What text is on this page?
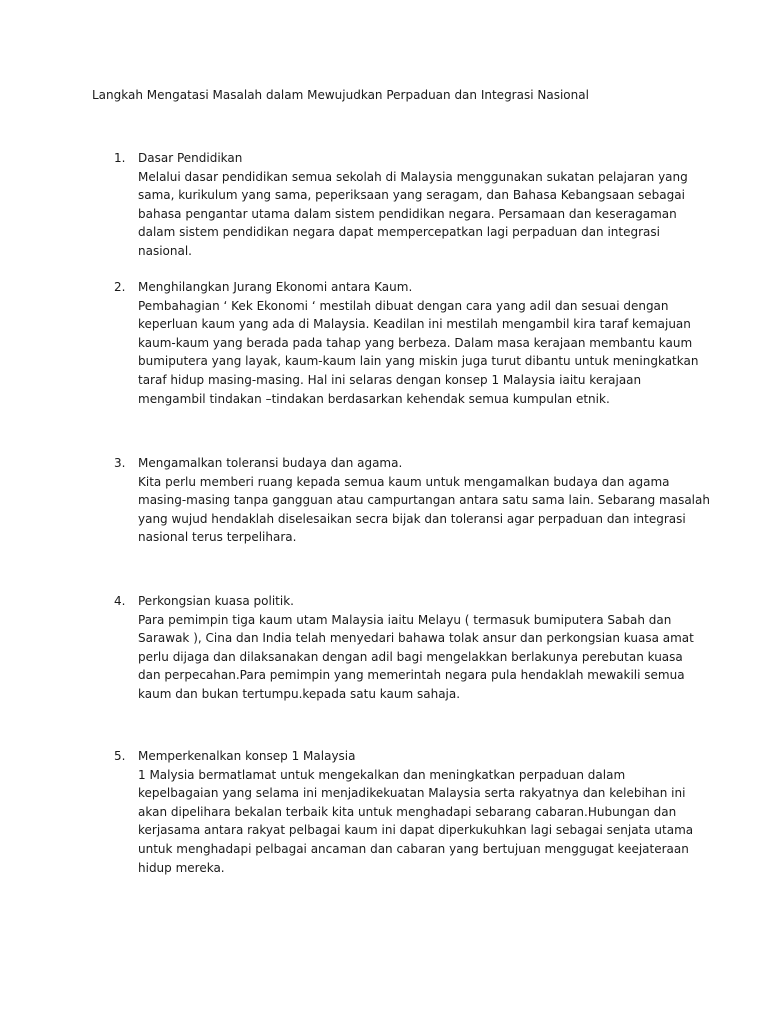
Langkah Mengatasi Masalah dalam Mewujudkan Perpaduan dan Integrasi Nasional
1. Dasar Pendidikan
Melalui dasar pendidikan semua sekolah di Malaysia menggunakan sukatan pelajaran yang
sama, kurikulum yang sama, peperiksaan yang seragam, dan Bahasa Kebangsaan sebagai
bahasa pengantar utama dalam sistem pendidikan negara. Persamaan dan keseragaman
dalam sistem pendidikan negara dapat mempercepatkan lagi perpaduan dan integrasi
nasional.
2. Menghilangkan Jurang Ekonomi antara Kaum.
Pembahagian ‘ Kek Ekonomi ‘ mestilah dibuat dengan cara yang adil dan sesuai dengan
keperluan kaum yang ada di Malaysia. Keadilan ini mestilah mengambil kira taraf kemajuan
kaum-kaum yang berada pada tahap yang berbeza. Dalam masa kerajaan membantu kaum
bumiputera yang layak, kaum-kaum lain yang miskin juga turut dibantu untuk meningkatkan
taraf hidup masing-masing. Hal ini selaras dengan konsep 1 Malaysia iaitu kerajaan
mengambil tindakan –tindakan berdasarkan kehendak semua kumpulan etnik.
3. Mengamalkan toleransi budaya dan agama.
Kita perlu memberi ruang kepada semua kaum untuk mengamalkan budaya dan agama
masing-masing tanpa gangguan atau campurtangan antara satu sama lain. Sebarang masalah
yang wujud hendaklah diselesaikan secra bijak dan toleransi agar perpaduan dan integrasi
nasional terus terpelihara.
4. Perkongsian kuasa politik.
Para pemimpin tiga kaum utam Malaysia iaitu Melayu ( termasuk bumiputera Sabah dan
Sarawak ), Cina dan India telah menyedari bahawa tolak ansur dan perkongsian kuasa amat
perlu dijaga dan dilaksanakan dengan adil bagi mengelakkan berlakunya perebutan kuasa
dan perpecahan.Para pemimpin yang memerintah negara pula hendaklah mewakili semua
kaum dan bukan tertumpu.kepada satu kaum sahaja.
5. Memperkenalkan konsep 1 Malaysia
1 Malysia bermatlamat untuk mengekalkan dan meningkatkan perpaduan dalam
kepelbagaian yang selama ini menjadikekuatan Malaysia serta rakyatnya dan kelebihan ini
akan dipelihara bekalan terbaik kita untuk menghadapi sebarang cabaran.Hubungan dan
kerjasama antara rakyat pelbagai kaum ini dapat diperkukuhkan lagi sebagai senjata utama
untuk menghadapi pelbagai ancaman dan cabaran yang bertujuan menggugat keejateraan
hidup mereka.
